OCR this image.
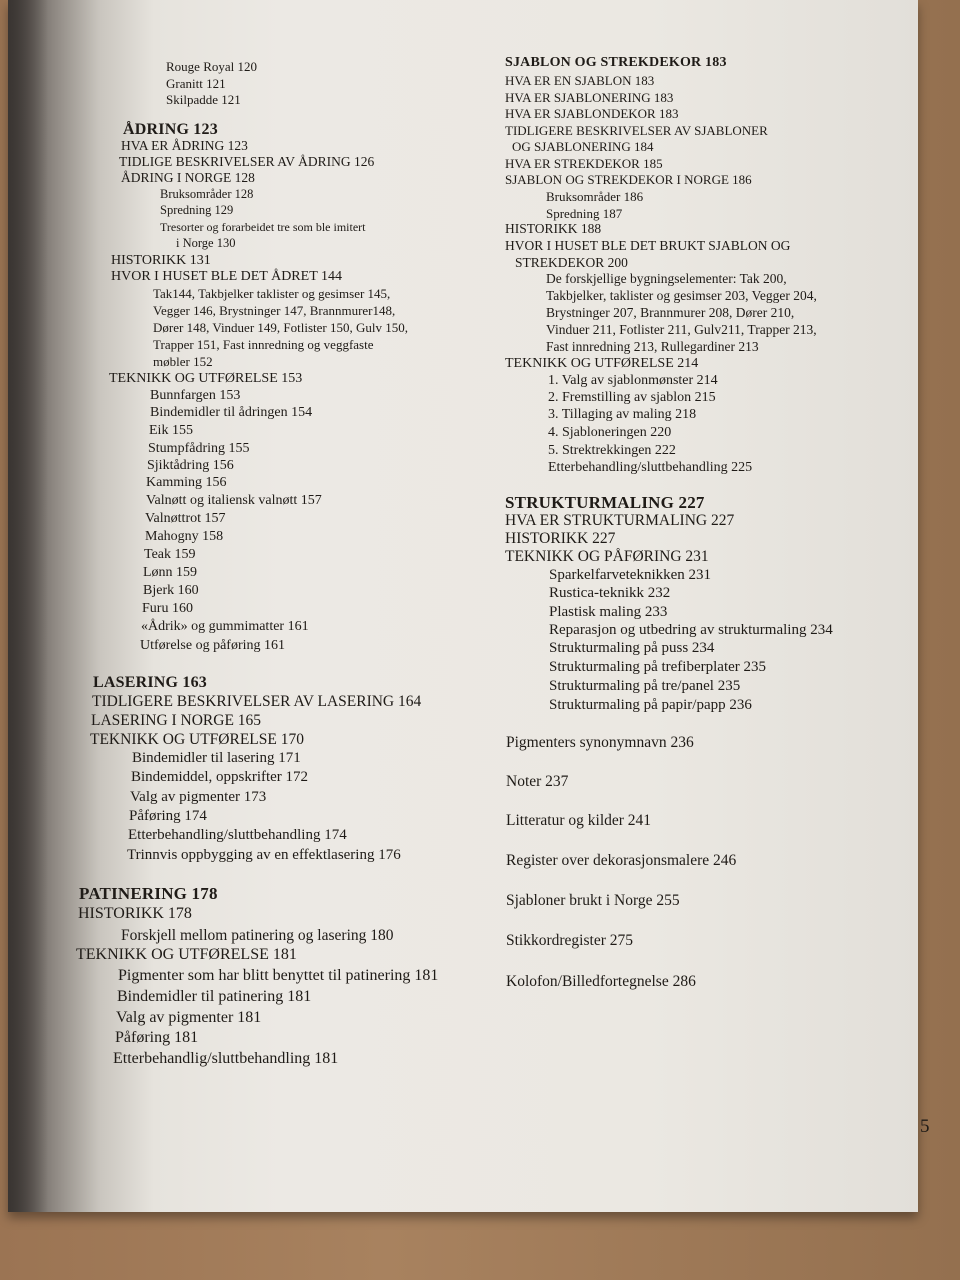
Rouge Royal 120
Granitt 121
Skilpadde 121
ÅDRING 123
HVA ER ÅDRING 123
TIDLIGE BESKRIVELSER AV ÅDRING 126
ÅDRING I NORGE 128
Bruksområder 128
Spredning 129
Tresorter og forarbeidet tre som ble imitert
i Norge 130
HISTORIKK 131
HVOR I HUSET BLE DET ÅDRET 144
Tak144, Takbjelker taklister og gesimser 145,
Vegger 146, Brystninger 147, Brannmurer148,
Dører 148, Vinduer 149, Fotlister 150, Gulv 150,
Trapper 151, Fast innredning og veggfaste
møbler 152
TEKNIKK OG UTFØRELSE 153
Bunnfargen 153
Bindemidler til ådringen 154
Eik 155
Stumpfådring 155
Sjiktådring 156
Kamming 156
Valnøtt og italiensk valnøtt 157
Valnøttrot 157
Mahogny 158
Teak 159
Lønn 159
Bjerk 160
Furu 160
«Ådrik» og gummimatter 161
Utførelse og påføring 161
LASERING 163
TIDLIGERE BESKRIVELSER AV LASERING 164
LASERING I NORGE 165
TEKNIKK OG UTFØRELSE 170
Bindemidler til lasering 171
Bindemiddel, oppskrifter 172
Valg av pigmenter 173
Påføring 174
Etterbehandling/sluttbehandling 174
Trinnvis oppbygging av en effektlasering 176
PATINERING 178
HISTORIKK 178
Forskjell mellom patinering og lasering 180
TEKNIKK OG UTFØRELSE 181
Pigmenter som har blitt benyttet til patinering 181
Bindemidler til patinering 181
Valg av pigmenter 181
Påføring 181
Etterbehandlig/sluttbehandling 181
SJABLON OG STREKDEKOR 183
HVA ER EN SJABLON 183
HVA ER SJABLONERING 183
HVA ER SJABLONDEKOR 183
TIDLIGERE BESKRIVELSER AV SJABLONER
OG SJABLONERING 184
HVA ER STREKDEKOR 185
SJABLON OG STREKDEKOR I NORGE 186
Bruksområder 186
Spredning 187
HISTORIKK 188
HVOR I HUSET BLE DET BRUKT SJABLON OG
STREKDEKOR 200
De forskjellige bygningselementer: Tak 200,
Takbjelker, taklister og gesimser 203, Vegger 204,
Brystninger 207, Brannmurer 208, Dører 210,
Vinduer 211, Fotlister 211, Gulv211, Trapper 213,
Fast innredning 213, Rullegardiner 213
TEKNIKK OG UTFØRELSE 214
1. Valg av sjablonmønster 214
2. Fremstilling av sjablon 215
3. Tillaging av maling 218
4. Sjabloneringen 220
5. Strektrekkingen 222
Etterbehandling/sluttbehandling 225
STRUKTURMALING 227
HVA ER STRUKTURMALING 227
HISTORIKK 227
TEKNIKK OG PÅFØRING 231
Sparkelfarveteknikken 231
Rustica-teknikk 232
Plastisk maling 233
Reparasjon og utbedring av strukturmaling 234
Strukturmaling på puss 234
Strukturmaling på trefiberplater 235
Strukturmaling på tre/panel 235
Strukturmaling på papir/papp 236
Pigmenters synonymnavn 236
Noter 237
Litteratur og kilder 241
Register over dekorasjonsmalere 246
Sjabloner brukt i Norge 255
Stikkordregister 275
Kolofon/Billedfortegnelse 286
5
